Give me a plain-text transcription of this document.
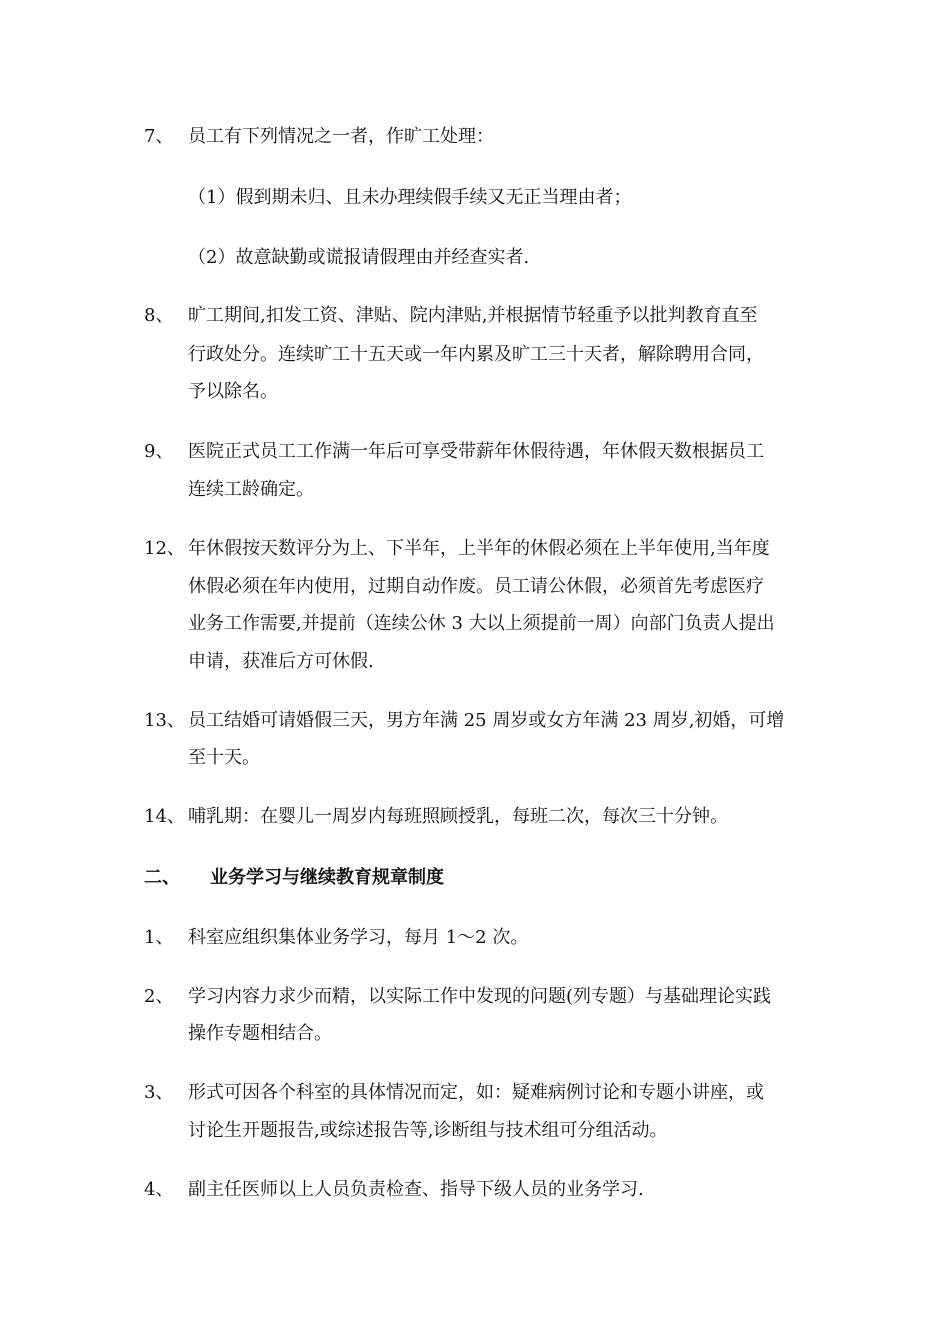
7、 员工有下列情况之一者，作旷工处理：
（1）假到期未归、且未办理续假手续又无正当理由者；
（2）故意缺勤或谎报请假理由并经查实者.
8、 旷工期间,扣发工资、津贴、院内津贴,并根据情节轻重予以批判教育直至
行政处分。连续旷工十五天或一年内累及旷工三十天者，解除聘用合同，
予以除名。
9、 医院正式员工工作满一年后可享受带薪年休假待遇，年休假天数根据员工
连续工龄确定。
12、 年休假按天数评分为上、下半年，上半年的休假必须在上半年使用,当年度
休假必须在年内使用，过期自动作废。员工请公休假，必须首先考虑医疗
业务工作需要,并提前（连续公休 3 大以上须提前一周）向部门负责人提出
申请，获准后方可休假.
13、 员工结婚可请婚假三天，男方年满 25 周岁或女方年满 23 周岁,初婚，可增
至十天。
14、 哺乳期：在婴儿一周岁内每班照顾授乳，每班二次，每次三十分钟。
二、 业务学习与继续教育规章制度
1、 科室应组织集体业务学习，每月 1～2 次。
2、 学习内容力求少而精，以实际工作中发现的问题(列专题）与基础理论实践
操作专题相结合。
3、 形式可因各个科室的具体情况而定，如：疑难病例讨论和专题小讲座，或
讨论生开题报告,或综述报告等,诊断组与技术组可分组活动。
4、 副主任医师以上人员负责检查、指导下级人员的业务学习.
